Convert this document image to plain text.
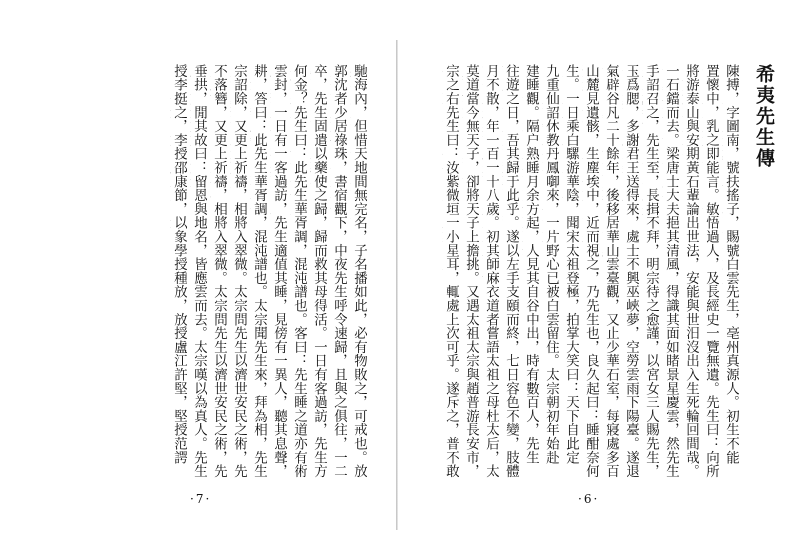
馳海內，但惜天地間無完名，子名播如此，必有物敗之，可戒也。放
郭沈者少居祿珠，書宿觀下，中夜先生呼令速歸，且與之俱往，一二
卒，先生固遣以藥使之歸，歸而救其母得活。一日有客過訪，先生方
何金？先生曰：此先生華胥調，混沌譜也。客曰：先生睡之道亦有術
雲封，一日有一客過訪，先生適值其睡，見傍有一異人，聽其息聲，
耕，答曰：此先生華胥調，混沌譜也。太宗聞先生來，拜為相，先生
宗詔除，又更上祈禱，相將入翠微。太宗問先生以濟世安民之術，先
不落簪，又更上祈禱，相將入翠微。太宗問先生以濟世安民之術，先
垂拱，閒其故曰：留恩與地名，皆應雲而去。太宗嘆以為真人。先生
授李挺之，李授邵康節，以象學授種放，放授盧江許堅，堅授范諤
·7·
希夷先生傳
陳搏，字圖南，號扶搖子，賜號白雲先生，亳州真源人。初生不能
置懷中，乳之即能言。敏悟過人，及長經史一覽無遺。先生曰：向所
將游泰山與安期黃石輩論出世法，安能與世汨沒出入生死輪回間哉。
一石鐺而去。梁唐士大夫挹其清風，得識其面如睹景星慶雲，然先生
手詔召之，先生至，長揖不拜，明宗待之愈謹，以宮女三人賜先生，
玉爲腮，多謝君王送得來，處士不興巫峽夢，空勞雲雨下陽臺。遂退
氣辟谷凡二十餘年，後移居華山雲臺觀，又止少華石室，每寢處多百
山麓見遺骸，生塵埃中，近而視之，乃先生也，良久起曰：睡酣奈何
生。一日乘白騾游華陰，聞宋太祖登極，拍掌大笑曰：天下自此定
九重仙詔休教丹鳳啣來，一片野心已被白雲留住。太宗朝初年始赴
建睡觀。隔户熟睡月余方起，人見其自谷中出，時有數百人，先生
往遊之日，吾其歸于此乎。遂以左手支頤而終，七日容色不變，肢體
月不散，年一百一十八歲。初其師麻衣道者嘗語太祖之母杜太后，太
莫道當今無天子，卻將天子上擔挑。又遇太祖太宗與趙普游長安市，
宗之右先生曰：汝紫微垣一小星耳，輒處上次可乎。遂斥之，普不敢
·6·
